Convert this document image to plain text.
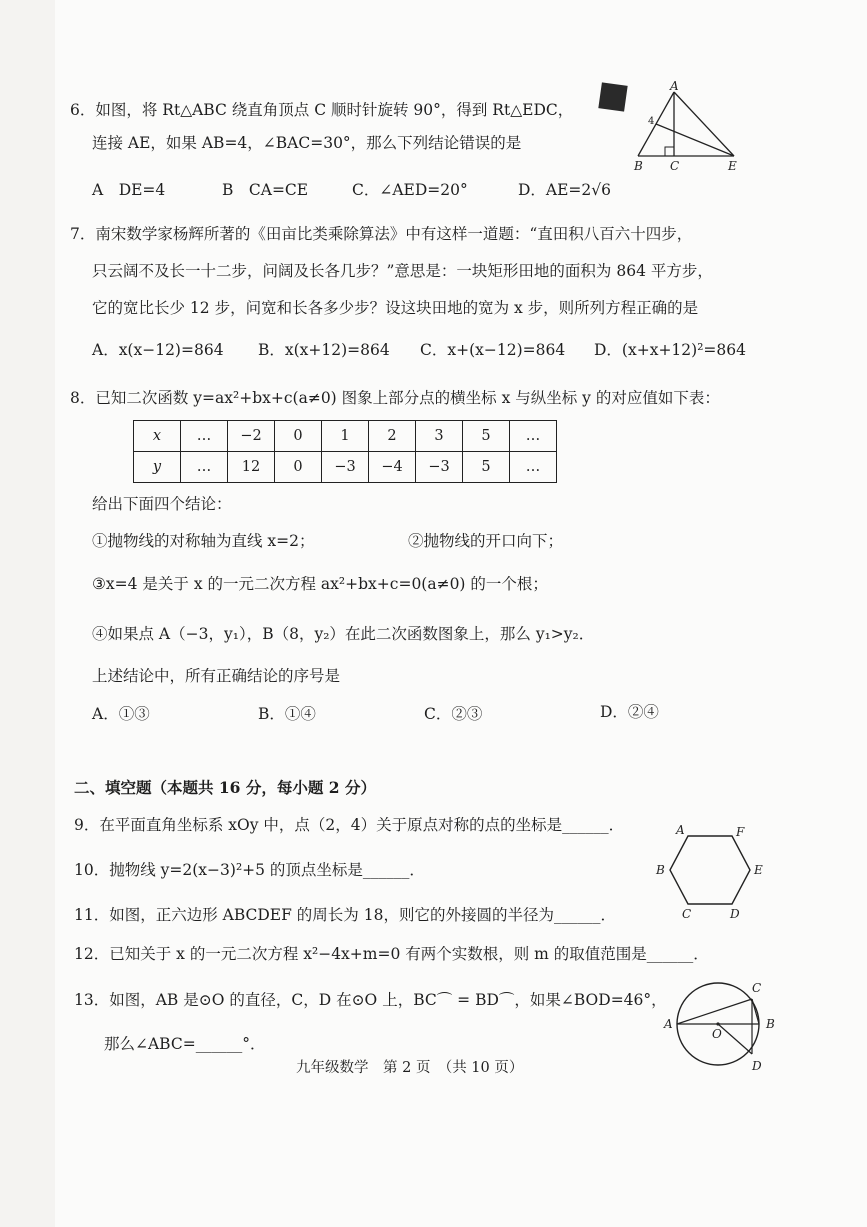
6．如图，将 Rt△ABC 绕直角顶点 C 顺时针旋转 90°，得到 Rt△EDC，
连接 AE，如果 AB=4，∠BAC=30°，那么下列结论错误的是
A　DE=4	B　CA=CE	C．∠AED=20°	D．AE=2√6
A
B C	E
4
7．南宋数学家杨辉所著的《田亩比类乘除算法》中有这样一道题：“直田积八百六十四步，
只云阔不及长一十二步，问阔及长各几步？”意思是：一块矩形田地的面积为 864 平方步，
它的宽比长少 12 步，问宽和长各多少步？设这块田地的宽为 x 步，则所列方程正确的是
A．x(x−12)=864 B．x(x+12)=864 C．x+(x−12)=864 D．(x+x+12)²=864
8．已知二次函数 y=ax²+bx+c(a≠0) 图象上部分点的横坐标 x 与纵坐标 y 的对应值如下表：
x	…	−2	0	1	2	3	5	…
y	…	12	0	−3	−4	−3	5	…
给出下面四个结论：
①抛物线的对称轴为直线 x=2；	②抛物线的开口向下；
③x=4 是关于 x 的一元二次方程 ax²+bx+c=0(a≠0) 的一个根；
④如果点 A（−3，y₁），B（8，y₂）在此二次函数图象上，那么 y₁>y₂．
上述结论中，所有正确结论的序号是
A．①③	B．①④	C．②③	D．②④
二、填空题（本题共 16 分，每小题 2 分）
9．在平面直角坐标系 xOy 中，点（2，4）关于原点对称的点的坐标是______．
10．抛物线 y=2(x−3)²+5 的顶点坐标是______．
11．如图，正六边形 ABCDEF 的周长为 18，则它的外接圆的半径为______．
12．已知关于 x 的一元二次方程 x²−4x+m=0 有两个实数根，则 m 的取值范围是______．
13．如图，AB 是⊙O 的直径，C，D 在⊙O 上，BC⌒ = BD⌒，如果∠BOD=46°，
那么∠ABC=______°．
A	F
B	E
C	D
C
A
O
B
D
九年级数学　第 2 页　（共 10 页）
